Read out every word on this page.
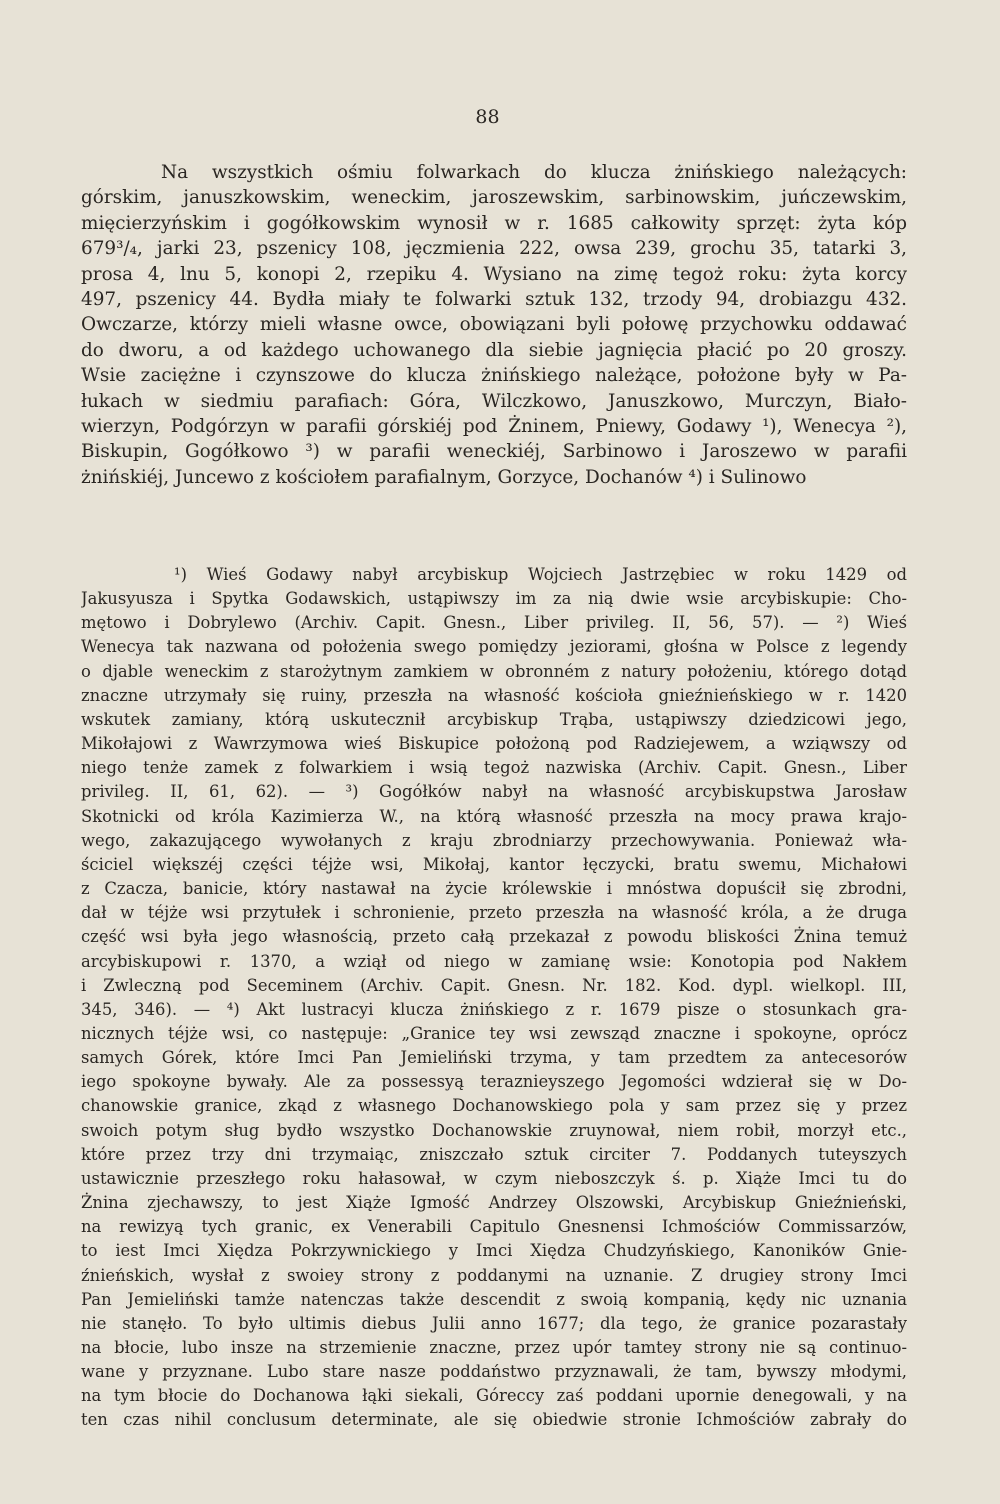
88
Na wszystkich ośmiu folwarkach do klucza żnińskiego należących:
górskim, januszkowskim, weneckim, jaroszewskim, sarbinowskim, juńczewskim,
mięcierzyńskim i gogółkowskim wynosił w r. 1685 całkowity sprzęt: żyta kóp
679³/₄, jarki 23, pszenicy 108, jęczmienia 222, owsa 239, grochu 35, tatarki 3,
prosa 4, lnu 5, konopi 2, rzepiku 4. Wysiano na zimę tegoż roku: żyta korcy
497, pszenicy 44. Bydła miały te folwarki sztuk 132, trzody 94, drobiazgu 432.
Owczarze, którzy mieli własne owce, obowiązani byli połowę przychowku oddawać
do dworu, a od każdego uchowanego dla siebie jagnięcia płacić po 20 groszy.
Wsie zaciężne i czynszowe do klucza żnińskiego należące, położone były w Pa-
łukach w siedmiu parafiach: Góra, Wilczkowo, Januszkowo, Murczyn, Biało-
wierzyn, Podgórzyn w parafii górskiéj pod Żninem, Pniewy, Godawy ¹), Wenecya ²),
Biskupin, Gogółkowo ³) w parafii weneckiéj, Sarbinowo i Jaroszewo w parafii
żnińskiéj, Juncewo z kościołem parafialnym, Gorzyce, Dochanów ⁴) i Sulinowo
¹) Wieś Godawy nabył arcybiskup Wojciech Jastrzębiec w roku 1429 od
Jakusyusza i Spytka Godawskich, ustąpiwszy im za nią dwie wsie arcybiskupie: Cho-
mętowo i Dobrylewo (Archiv. Capit. Gnesn., Liber privileg. II, 56, 57). — ²) Wieś
Wenecya tak nazwana od położenia swego pomiędzy jeziorami, głośna w Polsce z legendy
o djable weneckim z starożytnym zamkiem w obronném z natury położeniu, którego dotąd
znaczne utrzymały się ruiny, przeszła na własność kościoła gnieźnieńskiego w r. 1420
wskutek zamiany, którą uskutecznił arcybiskup Trąba, ustąpiwszy dziedzicowi jego,
Mikołajowi z Wawrzymowa wieś Biskupice położoną pod Radziejewem, a wziąwszy od
niego tenże zamek z folwarkiem i wsią tegoż nazwiska (Archiv. Capit. Gnesn., Liber
privileg. II, 61, 62). — ³) Gogółków nabył na własność arcybiskupstwa Jarosław
Skotnicki od króla Kazimierza W., na którą własność przeszła na mocy prawa krajo-
wego, zakazującego wywołanych z kraju zbrodniarzy przechowywania. Ponieważ wła-
ściciel większéj części téjże wsi, Mikołaj, kantor łęczycki, bratu swemu, Michałowi
z Czacza, banicie, który nastawał na życie królewskie i mnóstwa dopuścił się zbrodni,
dał w téjże wsi przytułek i schronienie, przeto przeszła na własność króla, a że druga
część wsi była jego własnością, przeto całą przekazał z powodu bliskości Żnina temuż
arcybiskupowi r. 1370, a wziął od niego w zamianę wsie: Konotopia pod Nakłem
i Zwleczną pod Seceminem (Archiv. Capit. Gnesn. Nr. 182. Kod. dypl. wielkopl. III,
345, 346). — ⁴) Akt lustracyi klucza żnińskiego z r. 1679 pisze o stosunkach gra-
nicznych téjże wsi, co następuje: „Granice tey wsi zewsząd znaczne i spokoyne, oprócz
samych Górek, które Imci Pan Jemieliński trzyma, y tam przedtem za antecesorów
iego spokoyne bywały. Ale za possessyą teraznieyszego Jegomości wdzierał się w Do-
chanowskie granice, zkąd z własnego Dochanowskiego pola y sam przez się y przez
swoich potym sług bydło wszystko Dochanowskie zruynował, niem robił, morzył etc.,
które przez trzy dni trzymaiąc, zniszczało sztuk circiter 7. Poddanych tuteyszych
ustawicznie przeszłego roku hałasował, w czym nieboszczyk ś. p. Xiąże Imci tu do
Żnina zjechawszy, to jest Xiąże Igmość Andrzey Olszowski, Arcybiskup Gnieźnieński,
na rewizyą tych granic, ex Venerabili Capitulo Gnesnensi Ichmościów Commissarzów,
to iest Imci Xiędza Pokrzywnickiego y Imci Xiędza Chudzyńskiego, Kanoników Gnie-
źnieńskich, wysłał z swoiey strony z poddanymi na uznanie. Z drugiey strony Imci
Pan Jemieliński tamże natenczas także descendit z swoią kompanią, kędy nic uznania
nie stanęło. To było ultimis diebus Julii anno 1677; dla tego, że granice pozarastały
na błocie, lubo insze na strzemienie znaczne, przez upór tamtey strony nie są continuo-
wane y przyznane. Lubo stare nasze poddaństwo przyznawali, że tam, bywszy młodymi,
na tym błocie do Dochanowa łąki siekali, Góreccy zaś poddani upornie denegowali, y na
ten czas nihil conclusum determinate, ale się obiedwie stronie Ichmościów zabrały do
